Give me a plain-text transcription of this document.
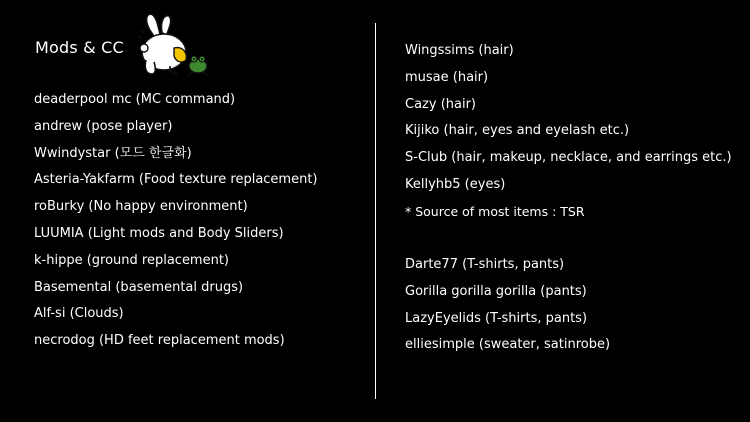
Mods & CC
deaderpool mc (MC command)
andrew (pose player)
Wwindystar (모드 한글화)
Asteria-Yakfarm (Food texture replacement)
roBurky (No happy environment)
LUUMIA (Light mods and Body Sliders)
k-hippe (ground replacement)
Basemental (basemental drugs)
Alf-si (Clouds)
necrodog (HD feet replacement mods)
Wingssims (hair)
musae (hair)
Cazy (hair)
Kijiko (hair, eyes and eyelash etc.)
S-Club (hair, makeup, necklace, and earrings etc.)
Kellyhb5 (eyes)
* Source of most items : TSR
Darte77 (T-shirts, pants)
Gorilla gorilla gorilla (pants)
LazyEyelids (T-shirts, pants)
elliesimple (sweater, satinrobe)
